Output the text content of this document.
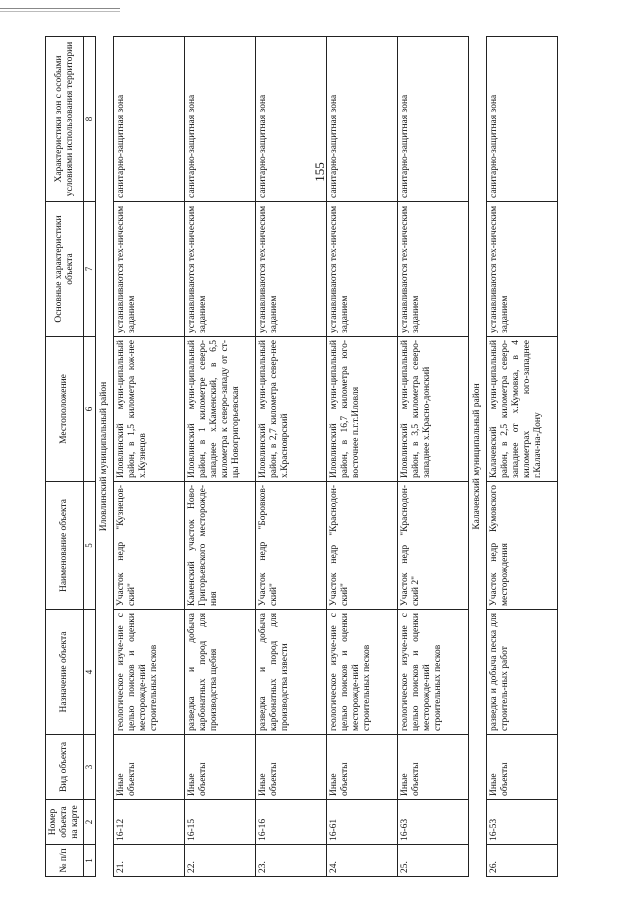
155
№ п/п	Номер объекта на карте	Вид объекта	Назначение объекта	Наименование объекта	Местоположение	Основные характеристики объекта	Характеристики зон с особыми условиями использования территории
1	2	3	4	5	6	7	8
Иловлинский муниципальный район							
21.	16-12	Иные объекты	геологическое изуче-ние с целью поисков и оценки месторожде-ний строительных песков	Участок недр "Кузнецов-ский"	Иловлинский муни-ципальный район, в 1,5 километра юж-нее х.Кузнецов	устанавливаются тех-ническим заданием	санитарно-защитная зона
22.	16-15	Иные объекты	разведка и добыча карбонатных пород для производства щебня	Каменский участок Ново-Григорьевского месторожде-ния	Иловлинский муни-ципальный район, в 1 километре северо-западнее х.Каменский, в 6,5 километра к северо-западу от ст-цы Новогригорьевская	устанавливаются тех-ническим заданием	санитарно-защитная зона
23.	16-16	Иные объекты	разведка и добыча карбонатных пород для производства извести	Участок недр "Боровков-ский"	Иловлинский муни-ципальный район, в 2,7 километра север-нее х.Красноярский	устанавливаются тех-ническим заданием	санитарно-защитная зона
24.	16-61	Иные объекты	геологическое изуче-ние с целью поисков и оценки месторожде-ний строительных песков	Участок недр "Краснодон-ский"	Иловлинский муни-ципальный район, в 16,7 километра юго-восточнее п.г.т.Иловля	устанавливаются тех-ническим заданием	санитарно-защитная зона
25.	16-63	Иные объекты	геологическое изуче-ние с целью поисков и оценки месторожде-ний строительных песков	Участок недр "Краснодон-ский 2"	Иловлинский муни-ципальный район, в 3,5 километра северо-западнее х.Красно-донский	устанавливаются тех-ническим заданием	санитарно-защитная зона
Калачевский муниципальный район							
26.	16-53	Иные объекты	разведка и добыча песка для строитель-ных работ	Участок недр Кумовского месторождения	Калачевский муни-ципальный район, в 2,5 километра северо-западнее от х.Кумовка, в 4 километрах юго-западнее г.Калач-на-Дону	устанавливаются тех-ническим заданием	санитарно-защитная зона
